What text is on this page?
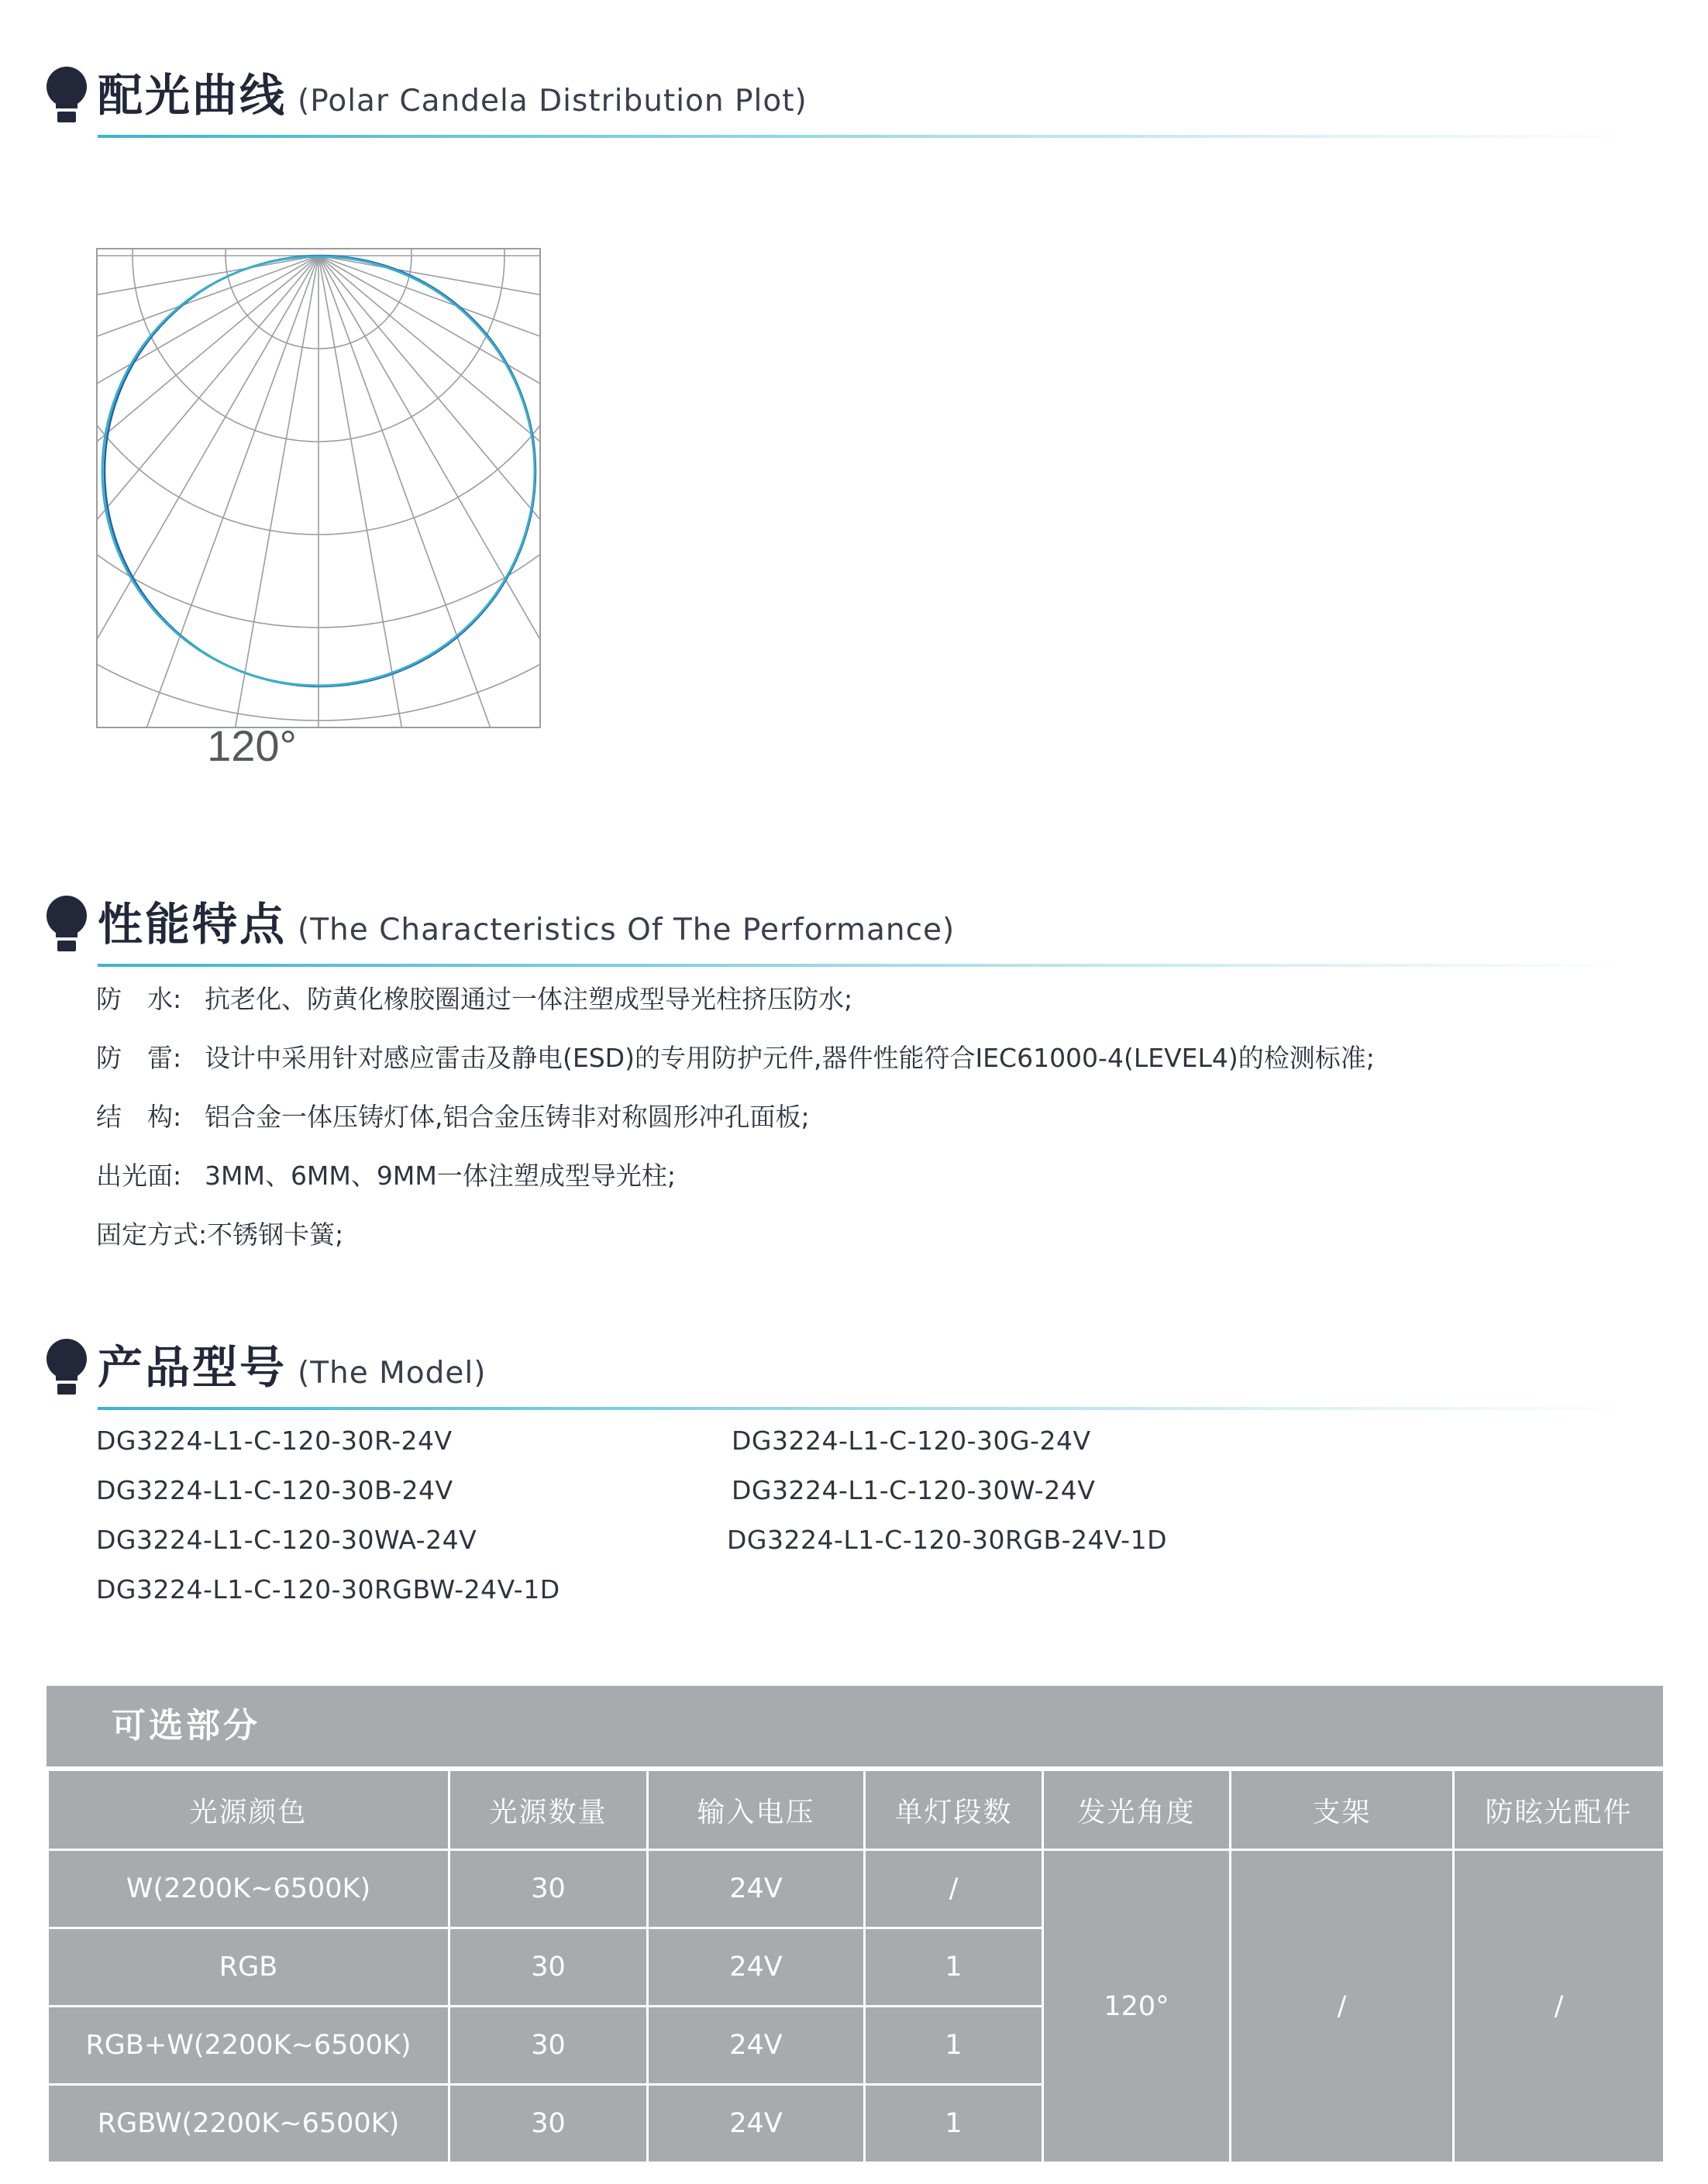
配光曲线 (Polar Candela Distribution Plot)
120°
性能特点 (The Characteristics Of The Performance)
防　水: 抗老化、防黄化橡胶圈通过一体注塑成型导光柱挤压防水;
防　雷: 设计中采用针对感应雷击及静电(ESD)的专用防护元件,器件性能符合IEC61000-4(LEVEL4)的检测标准;
结　构: 铝合金一体压铸灯体,铝合金压铸非对称圆形冲孔面板;
出光面: 3MM、6MM、9MM一体注塑成型导光柱;
固定方式:不锈钢卡簧;
产品型号 (The Model)
DG3224-L1-C-120-30R-24V	DG3224-L1-C-120-30G-24V
DG3224-L1-C-120-30B-24V	DG3224-L1-C-120-30W-24V
DG3224-L1-C-120-30WA-24V	DG3224-L1-C-120-30RGB-24V-1D
DG3224-L1-C-120-30RGBW-24V-1D
可选部分
光源颜色	光源数量	输入电压	单灯段数	发光角度	支架	防眩光配件
W(2200K~6500K)	30	24V	/	120°	/	/
RGB	30	24V	1			
RGB+W(2200K~6500K)	30	24V	1			
RGBW(2200K~6500K)	30	24V	1			
